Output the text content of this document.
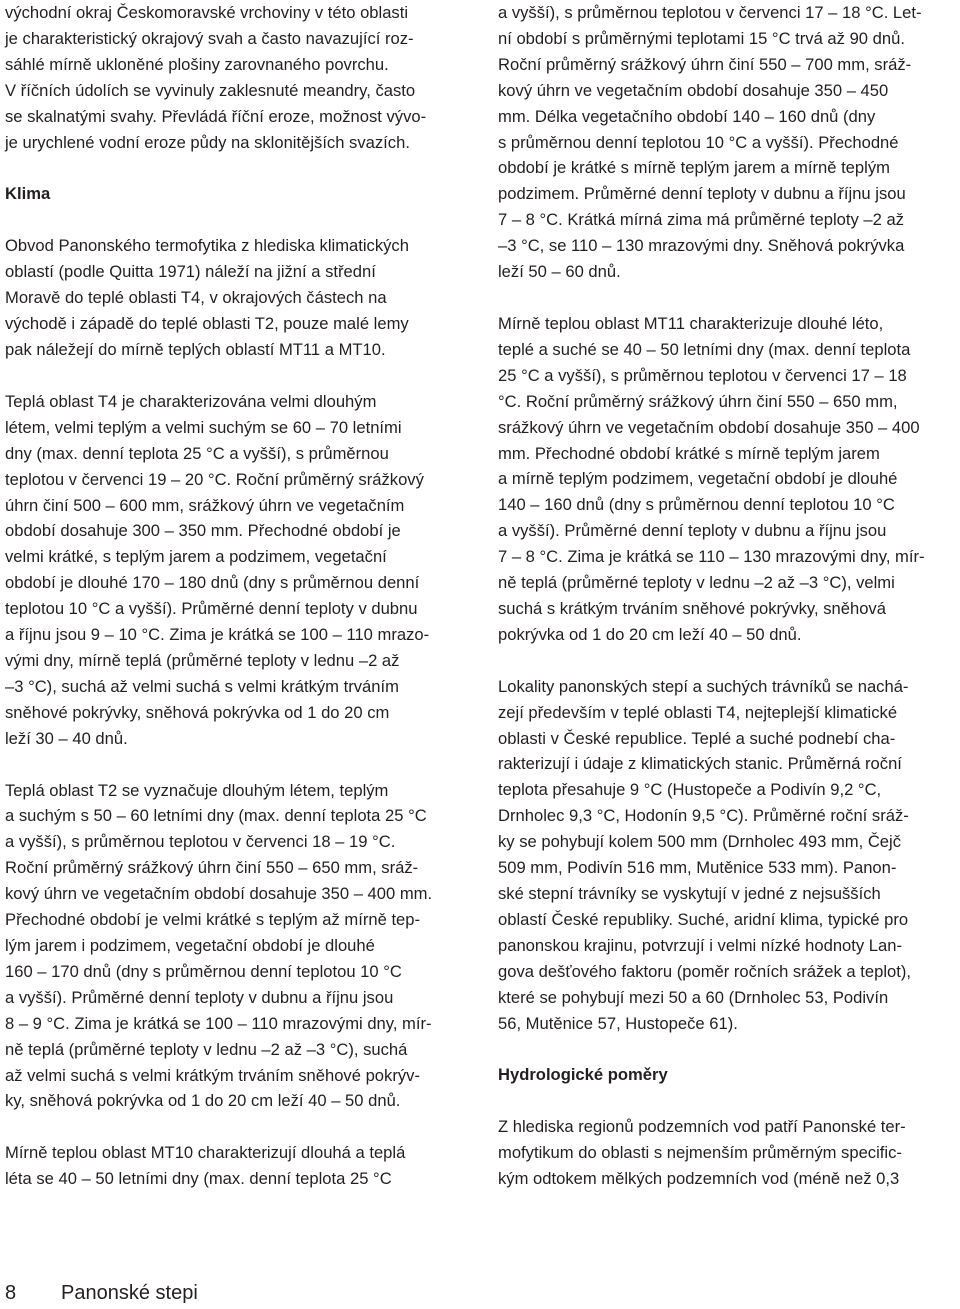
východní okraj Českomoravské vrchoviny v této oblasti

je charakteristický okrajový svah a často navazující roz-

sáhlé mírně ukloněné plošiny zarovnaného povrchu.

V říčních údolích se vyvinuly zaklesnuté meandry, často

se skalnatými svahy. Převládá říční eroze, možnost vývo-

je urychlené vodní eroze půdy na sklonitějších svazích.

Klima

Obvod Panonského termofytika z hlediska klimatických

oblastí (podle Quitta 1971) náleží na jižní a střední

Moravě do teplé oblasti T4, v okrajových částech na

východě i západě do teplé oblasti T2, pouze malé lemy

pak náležejí do mírně teplých oblastí MT11 a MT10.

Teplá oblast T4 je charakterizována velmi dlouhým

létem, velmi teplým a velmi suchým se 60 – 70 letními

dny (max. denní teplota 25 °C a vyšší), s průměrnou

teplotou v červenci 19 – 20 °C. Roční průměrný srážkový

úhrn činí 500 – 600 mm, srážkový úhrn ve vegetačním

období dosahuje 300 – 350 mm. Přechodné období je

velmi krátké, s teplým jarem a podzimem, vegetační

období je dlouhé 170 – 180 dnů (dny s průměrnou denní

teplotou 10 °C a vyšší). Průměrné denní teploty v dubnu

a říjnu jsou 9 – 10 °C. Zima je krátká se 100 – 110 mrazo-

vými dny, mírně teplá (průměrné teploty v lednu –2 až

–3 °C), suchá až velmi suchá s velmi krátkým trváním

sněhové pokrývky, sněhová pokrývka od 1 do 20 cm

leží 30 – 40 dnů.

Teplá oblast T2 se vyznačuje dlouhým létem, teplým

a suchým s 50 – 60 letními dny (max. denní teplota 25 °C

a vyšší), s průměrnou teplotou v červenci 18 – 19 °C.

Roční průměrný srážkový úhrn činí 550 – 650 mm, sráž-

kový úhrn ve vegetačním období dosahuje 350 – 400 mm.

Přechodné období je velmi krátké s teplým až mírně tep-

lým jarem i podzimem, vegetační období je dlouhé

160 – 170 dnů (dny s průměrnou denní teplotou 10 °C

a vyšší). Průměrné denní teploty v dubnu a říjnu jsou

8 – 9 °C. Zima je krátká se 100 – 110 mrazovými dny, mír-

ně teplá (průměrné teploty v lednu –2 až –3 °C), suchá

až velmi suchá s velmi krátkým trváním sněhové pokrýv-

ky, sněhová pokrývka od 1 do 20 cm leží 40 – 50 dnů.

Mírně teplou oblast MT10 charakterizují dlouhá a teplá

léta se 40 – 50 letními dny (max. denní teplota 25 °C

a vyšší), s průměrnou teplotou v červenci 17 – 18 °C. Let-

ní období s průměrnými teplotami 15 °C trvá až 90 dnů.

Roční průměrný srážkový úhrn činí 550 – 700 mm, sráž-

kový úhrn ve vegetačním období dosahuje 350 – 450

mm. Délka vegetačního období 140 – 160 dnů (dny

s průměrnou denní teplotou 10 °C a vyšší). Přechodné

období je krátké s mírně teplým jarem a mírně teplým

podzimem. Průměrné denní teploty v dubnu a říjnu jsou

7 – 8 °C. Krátká mírná zima má průměrné teploty –2 až

–3 °C, se 110 – 130 mrazovými dny. Sněhová pokrývka

leží 50 – 60 dnů.

Mírně teplou oblast MT11 charakterizuje dlouhé léto,

teplé a suché se 40 – 50 letními dny (max. denní teplota

25 °C a vyšší), s průměrnou teplotou v červenci 17 – 18

°C. Roční průměrný srážkový úhrn činí 550 – 650 mm,

srážkový úhrn ve vegetačním období dosahuje 350 – 400

mm. Přechodné období krátké s mírně teplým jarem

a mírně teplým podzimem, vegetační období je dlouhé

140 – 160 dnů (dny s průměrnou denní teplotou 10 °C

a vyšší). Průměrné denní teploty v dubnu a říjnu jsou

7 – 8 °C. Zima je krátká se 110 – 130 mrazovými dny, mír-

ně teplá (průměrné teploty v lednu –2 až –3 °C), velmi

suchá s krátkým trváním sněhové pokrývky, sněhová

pokrývka od 1 do 20 cm leží 40 – 50 dnů.

Lokality panonských stepí a suchých trávníků se nachá-

zejí především v teplé oblasti T4, nejteplejší klimatické

oblasti v České republice. Teplé a suché podnebí cha-

rakterizují i údaje z klimatických stanic. Průměrná roční

teplota přesahuje 9 °C (Hustopeče a Podivín 9,2 °C,

Drnholec 9,3 °C, Hodonín 9,5 °C). Průměrné roční sráž-

ky se pohybují kolem 500 mm (Drnholec 493 mm, Čejč

509 mm, Podivín 516 mm, Mutěnice 533 mm). Panon-

ské stepní trávníky se vyskytují v jedné z nejsušších

oblastí České republiky. Suché, aridní klima, typické pro

panonskou krajinu, potvrzují i velmi nízké hodnoty Lan-

gova dešťového faktoru (poměr ročních srážek a teplot),

které se pohybují mezi 50 a 60 (Drnholec 53, Podivín

56, Mutěnice 57, Hustopeče 61).

Hydrologické poměry

Z hlediska regionů podzemních vod patří Panonské ter-

mofytikum do oblasti s nejmenším průměrným specific-

kým odtokem mělkých podzemních vod (méně než 0,3

8 Panonské stepi
